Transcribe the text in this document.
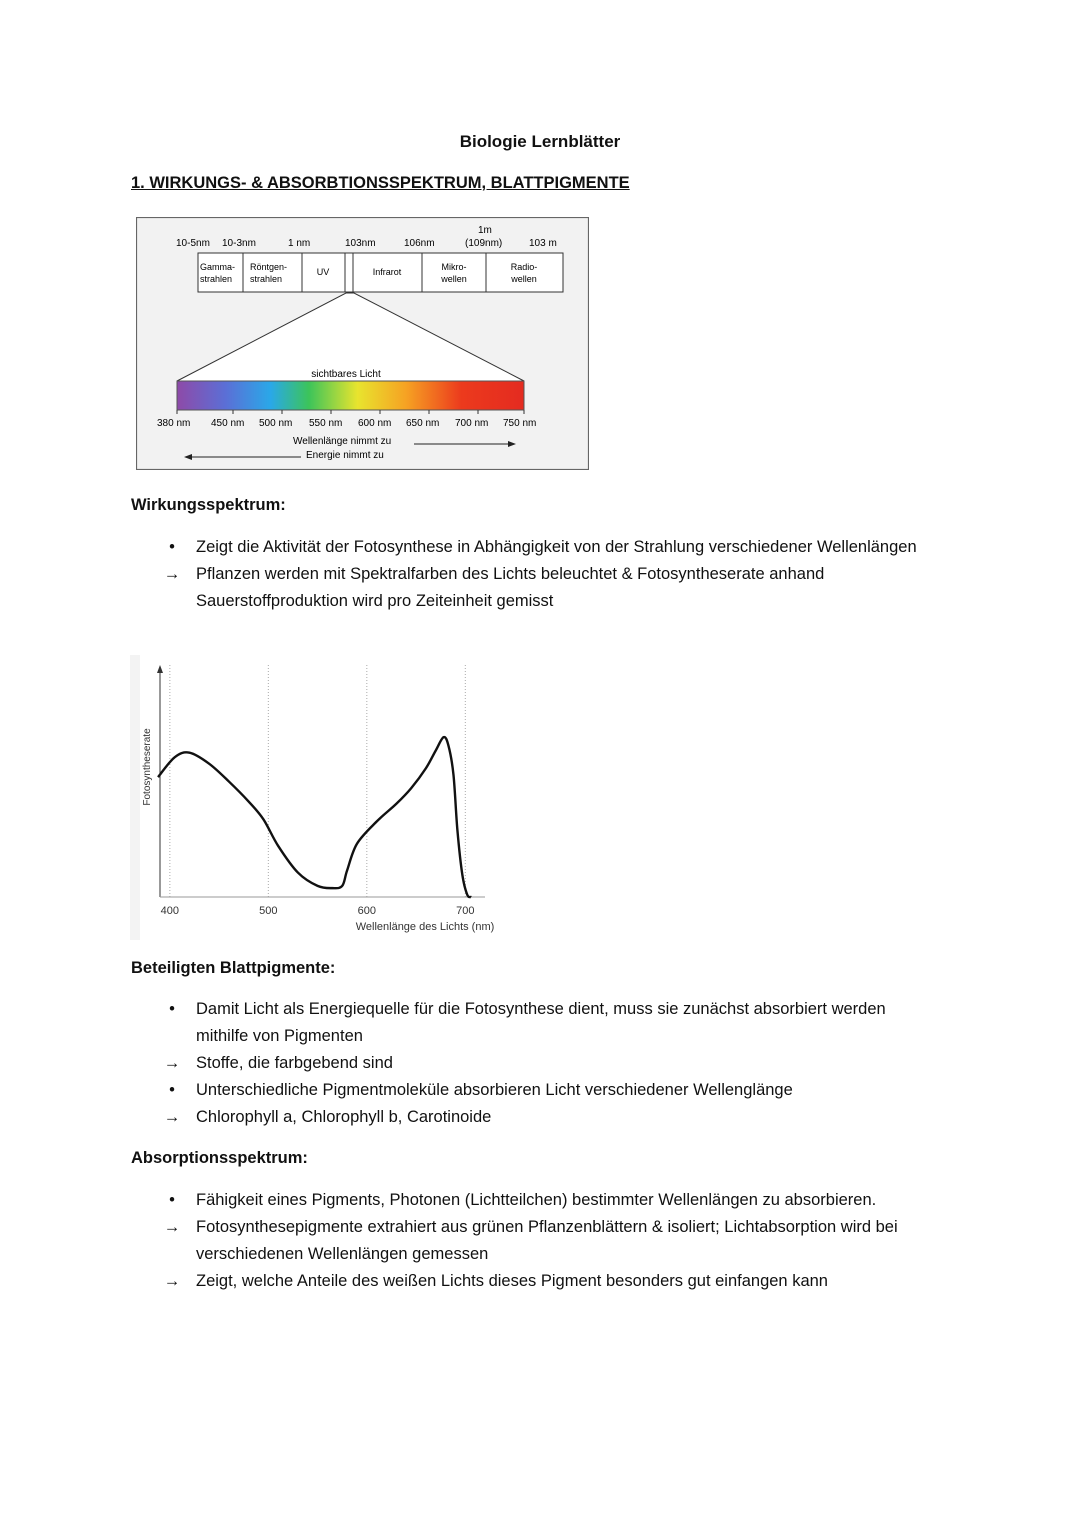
Biologie Lernblätter
1. WIRKUNGS- & ABSORBTIONSSPEKTRUM, BLATTPIGMENTE
10-5nm 10-3nm	1 nm	103nm	106nm
1m
(109nm)	103 m
Gamma-
strahlen
Röntgen-
strahlen
UV	Infrarot	Mikro-
wellen
Radio-
wellen
sichtbares Licht
380 nm 450 nm 500 nm 550 nm 600 nm 650 nm 700 nm 750 nm
Wellenlänge nimmt zu
Energie nimmt zu
Wirkungsspektrum:
•	Zeigt die Aktivität der Fotosynthese in Abhängigkeit von der Strahlung verschiedener Wellenlängen
→ Pflanzen werden mit Spektralfarben des Lichts beleuchtet & Fotosyntheserate anhand Sauerstoffproduktion wird pro Zeiteinheit gemisst
Fotosyntheserate
400	500	600	700
Wellenlänge des Lichts (nm)
Beteiligten Blattpigmente:
•	Damit Licht als Energiequelle für die Fotosynthese dient, muss sie zunächst absorbiert werden mithilfe von Pigmenten
→ Stoffe, die farbgebend sind
•	Unterschiedliche Pigmentmoleküle absorbieren Licht verschiedener Wellenglänge
→ Chlorophyll a, Chlorophyll b, Carotinoide
Absorptionsspektrum:
•	Fähigkeit eines Pigments, Photonen (Lichtteilchen) bestimmter Wellenlängen zu absorbieren.
→ Fotosynthesepigmente extrahiert aus grünen Pflanzenblättern & isoliert; Lichtabsorption wird bei verschiedenen Wellenlängen gemessen
→ Zeigt, welche Anteile des weißen Lichts dieses Pigment besonders gut einfangen kann
